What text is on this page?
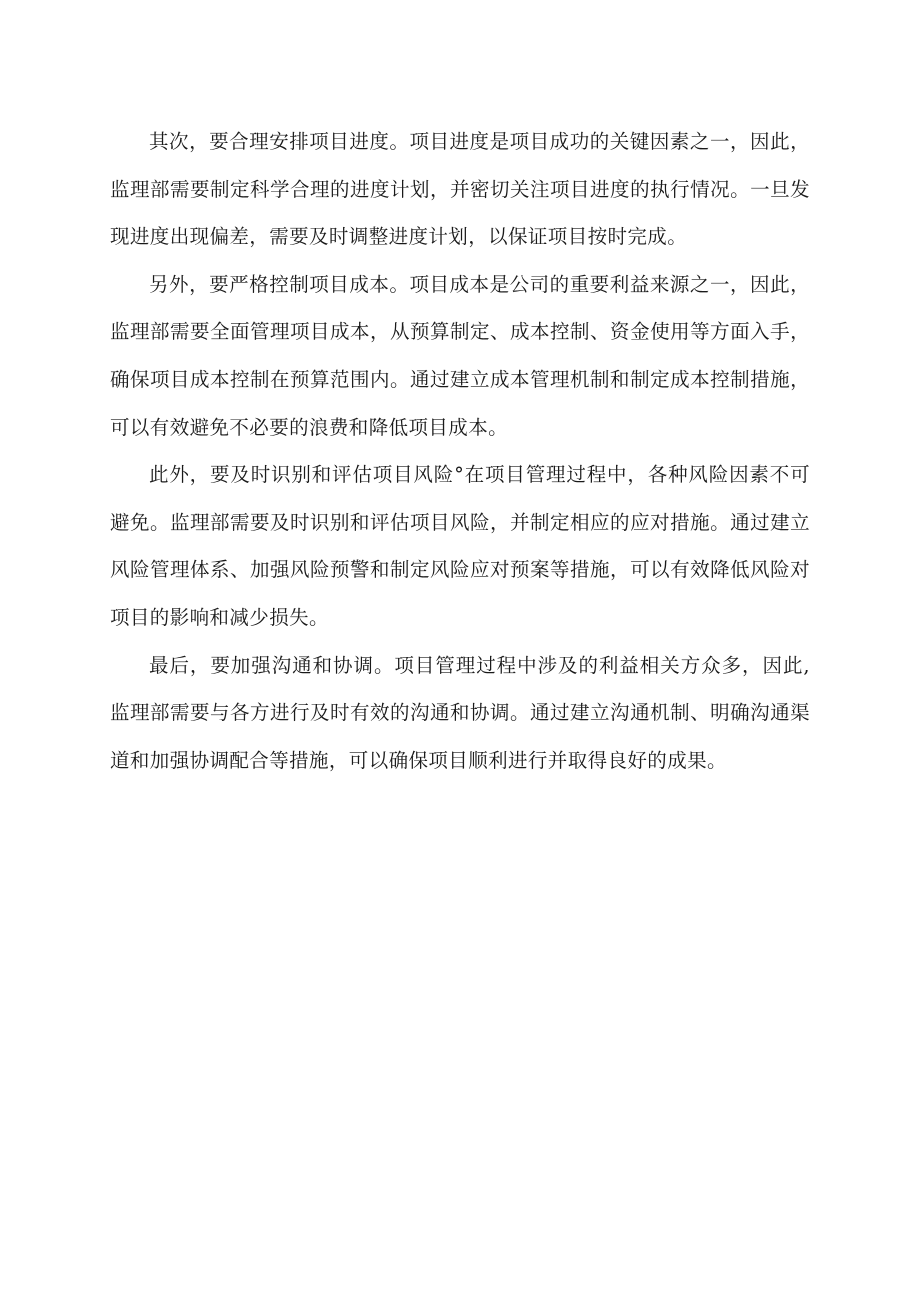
其次，要合理安排项目进度。项目进度是项目成功的关键因素之一，因此，监理部需要制定科学合理的进度计划，并密切关注项目进度的执行情况。一旦发现进度出现偏差，需要及时调整进度计划，以保证项目按时完成。

另外，要严格控制项目成本。项目成本是公司的重要利益来源之一，因此，监理部需要全面管理项目成本，从预算制定、成本控制、资金使用等方面入手，确保项目成本控制在预算范围内。通过建立成本管理机制和制定成本控制措施，可以有效避免不必要的浪费和降低项目成本。

此外，要及时识别和评估项目风险°在项目管理过程中，各种风险因素不可避免。监理部需要及时识别和评估项目风险，并制定相应的应对措施。通过建立风险管理体系、加强风险预警和制定风险应对预案等措施，可以有效降低风险对项目的影响和减少损失。

最后，要加强沟通和协调。项目管理过程中涉及的利益相关方众多，因此,监理部需要与各方进行及时有效的沟通和协调。通过建立沟通机制、明确沟通渠道和加强协调配合等措施，可以确保项目顺利进行并取得良好的成果。
